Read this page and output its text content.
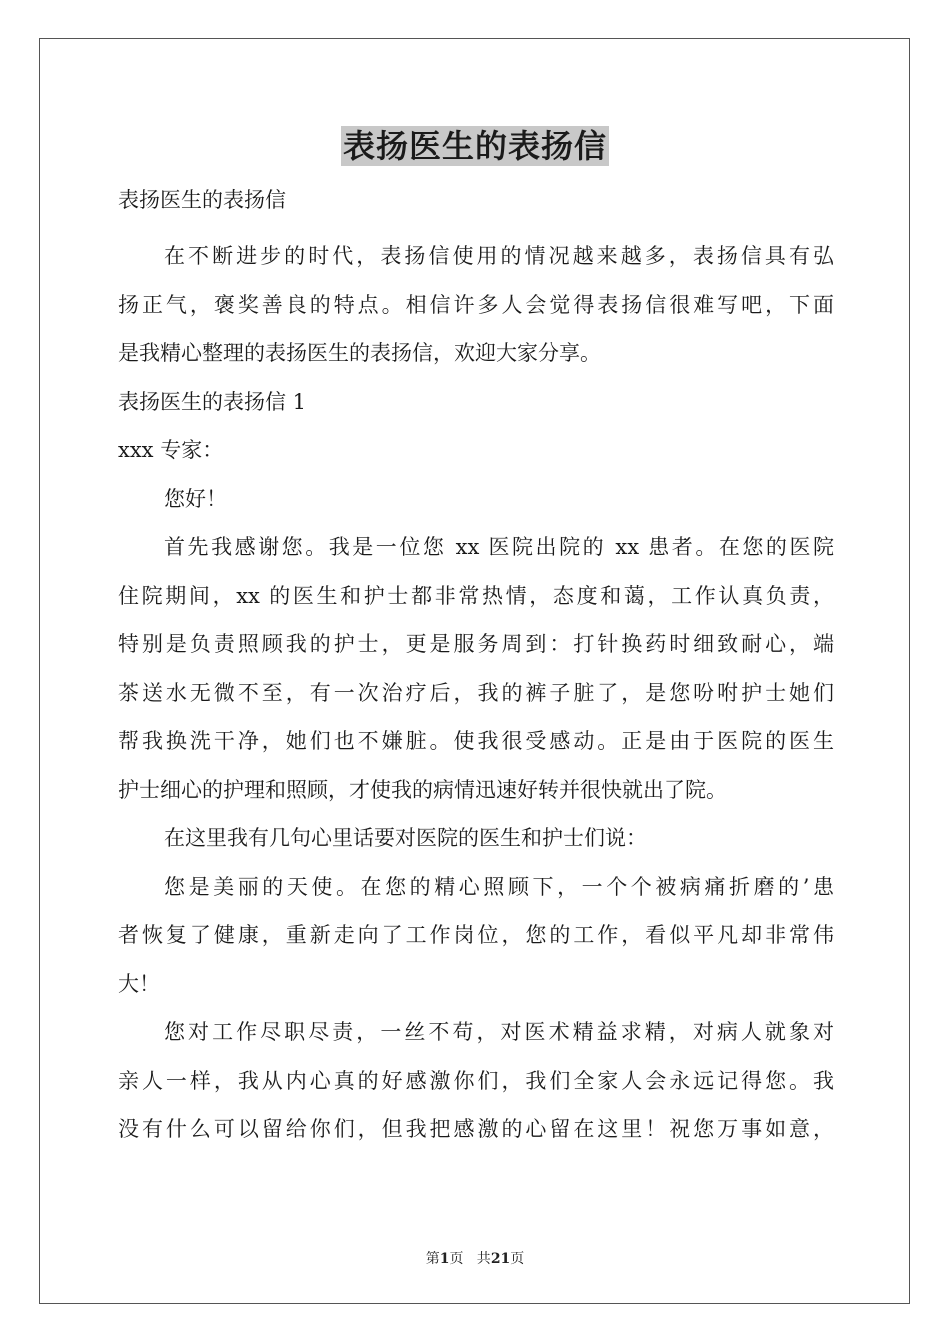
表扬医生的表扬信
表扬医生的表扬信
在不断进步的时代，表扬信使用的情况越来越多，表扬信具有弘
扬正气，褒奖善良的特点。相信许多人会觉得表扬信很难写吧，下面
是我精心整理的表扬医生的表扬信，欢迎大家分享。
表扬医生的表扬信 1
xxx 专家：
您好！
首先我感谢您。我是一位您 xx 医院出院的 xx 患者。在您的医院
住院期间，xx 的医生和护士都非常热情，态度和蔼，工作认真负责，
特别是负责照顾我的护士，更是服务周到：打针换药时细致耐心，端
茶送水无微不至，有一次治疗后，我的裤子脏了，是您吩咐护士她们
帮我换洗干净，她们也不嫌脏。使我很受感动。正是由于医院的医生
护士细心的护理和照顾，才使我的病情迅速好转并很快就出了院。
在这里我有几句心里话要对医院的医生和护士们说：
您是美丽的天使。在您的精心照顾下，一个个被病痛折磨的’患
者恢复了健康，重新走向了工作岗位，您的工作，看似平凡却非常伟
大！
您对工作尽职尽责，一丝不苟，对医术精益求精，对病人就象对
亲人一样，我从内心真的好感激你们，我们全家人会永远记得您。我
没有什么可以留给你们，但我把感激的心留在这里！祝您万事如意，
第1页   共21页
